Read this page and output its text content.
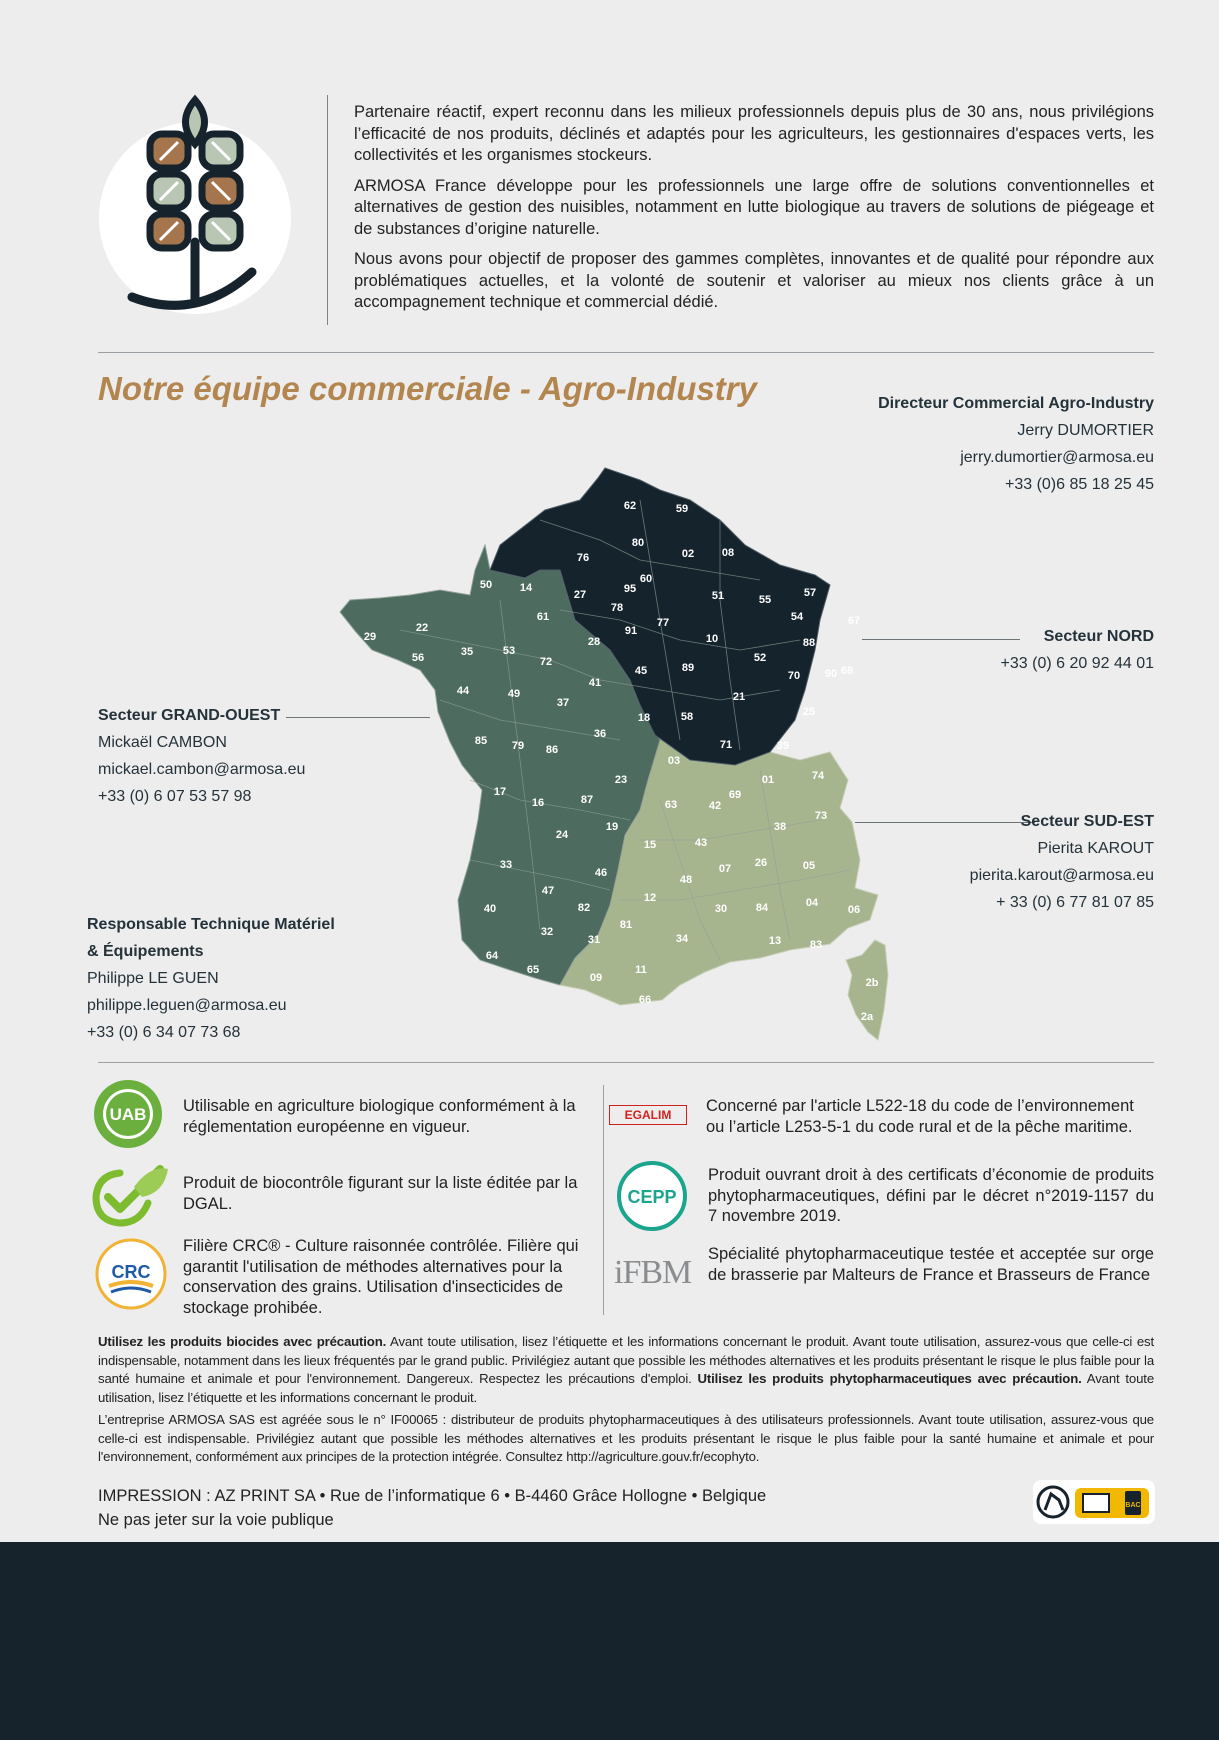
Partenaire réactif, expert reconnu dans les milieux professionnels depuis plus de 30 ans, nous privilégions l’efficacité de nos produits, déclinés et adaptés pour les agriculteurs, les gestionnaires d'espaces verts, les collectivités et les organismes stockeurs.

ARMOSA France développe pour les professionnels une large offre de solutions conventionnelles et alternatives de gestion des nuisibles, notamment en lutte biologique au travers de solutions de piégeage et de substances d’origine naturelle.

Nous avons pour objectif de proposer des gammes complètes, innovantes et de qualité pour répondre aux problématiques actuelles, et la volonté de soutenir et valoriser au mieux nos clients grâce à un accompagnement technique et commercial dédié.

Notre équipe commerciale - Agro-Industry	Directeur Commercial Agro-Industry
Jerry DUMORTIER
jerry.dumortier@armosa.eu
+33 (0)6 85 18 25 45
Secteur NORD
+33 (0) 6 20 92 44 01
Secteur GRAND-OUEST
Mickaël CAMBON
mickael.cambon@armosa.eu
+33 (0) 6 07 53 57 98
Secteur SUD-EST
Pierita KAROUT
pierita.karout@armosa.eu
+ 33 (0) 6 77 81 07 85
Responsable Technique Matériel
& Équipements
Philippe LE GUEN
philippe.leguen@armosa.eu
+33 (0) 6 34 07 73 68
62	59
80
02	08
76
60
95
27
78
51	55
57
67
54
77
91
28	10	88
52
45	89
70 90 68
21
25
58
71	39
03
50	14
61
29
22
56	35	53
72
41
44	49
37
18
36
85 79 86
23
17
16	87
19
24
33
46
47
82
40
32
31
64
65
01	74
69
63	42
73
38
15	43
26	05
07
48
12
30	84	04
06
81
34	13	83
11
09
66
2b
2a
UAB Utilisable en agriculture biologique conformément à la réglementation européenne en vigueur.
Produit de biocontrôle figurant sur la liste éditée par la DGAL.
CRC
Filière CRC® - Culture raisonnée contrôlée. Filière qui garantit l'utilisation de méthodes alternatives pour la conservation des grains. Utilisation d'insecticides de stockage prohibée.
EGALIM	Concerné par l'article L522-18 du code de l’environnement ou l’article L253-5-1 du code rural et de la pêche maritime.
CEPP
Produit ouvrant droit à des certificats d’économie de produits phytopharmaceutiques, défini par le décret n°2019-1157 du 7 novembre 2019.
iFBM Spécialité phytopharmaceutique testée et acceptée sur orge de brasserie par Malteurs de France et Brasseurs de France

Utilisez les produits biocides avec précaution. Avant toute utilisation, lisez l’étiquette et les informations concernant le produit. Avant toute utilisation, assurez-vous que celle-ci est indispensable, notamment dans les lieux fréquentés par le grand public. Privilégiez autant que possible les méthodes alternatives et les produits présentant le risque le plus faible pour la santé humaine et animale et pour l'environnement. Dangereux. Respectez les précautions d'emploi. Utilisez les produits phytopharmaceutiques avec précaution. Avant toute utilisation, lisez l’étiquette et les informations concernant le produit.

L’entreprise ARMOSA SAS est agréée sous le n° IF00065 : distributeur de produits phytopharmaceutiques à des utilisateurs professionnels. Avant toute utilisation, assurez-vous que celle-ci est indispensable. Privilégiez autant que possible les méthodes alternatives et les produits présentant le risque le plus faible pour la santé humaine et animale et pour l'environnement, conformément aux principes de la protection intégrée. Consultez http://agriculture.gouv.fr/ecophyto.

IMPRESSION : AZ PRINT SA • Rue de l’informatique 6 • B-4460 Grâce Hollogne • Belgique
Ne pas jeter sur la voie publique
BAC
